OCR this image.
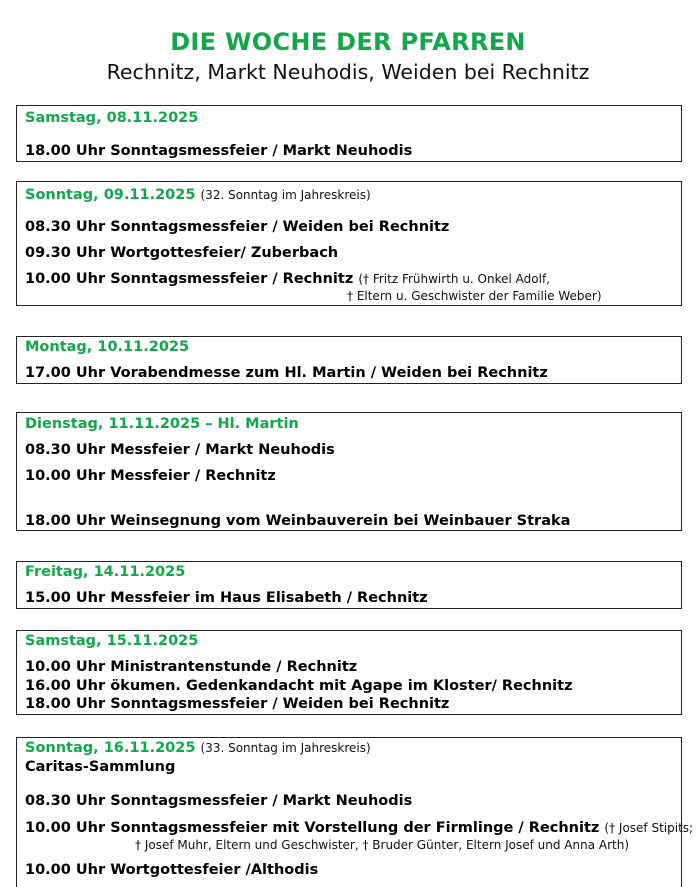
DIE WOCHE DER PFARREN
Rechnitz, Markt Neuhodis, Weiden bei Rechnitz
Samstag, 08.11.2025
18.00 Uhr Sonntagsmessfeier / Markt Neuhodis
Sonntag, 09.11.2025 (32. Sonntag im Jahreskreis)
08.30 Uhr Sonntagsmessfeier / Weiden bei Rechnitz
09.30 Uhr Wortgottesfeier/ Zuberbach
10.00 Uhr Sonntagsmessfeier / Rechnitz († Fritz Frühwirth u. Onkel Adolf,
† Eltern u. Geschwister der Familie Weber)
Montag, 10.11.2025
17.00 Uhr Vorabendmesse zum Hl. Martin / Weiden bei Rechnitz
Dienstag, 11.11.2025 – Hl. Martin
08.30 Uhr Messfeier / Markt Neuhodis
10.00 Uhr Messfeier / Rechnitz
18.00 Uhr Weinsegnung vom Weinbauverein bei Weinbauer Straka
Freitag, 14.11.2025
15.00 Uhr Messfeier im Haus Elisabeth / Rechnitz
Samstag, 15.11.2025
10.00 Uhr Ministrantenstunde / Rechnitz
16.00 Uhr ökumen. Gedenkandacht mit Agape im Kloster/ Rechnitz
18.00 Uhr Sonntagsmessfeier / Weiden bei Rechnitz
Sonntag, 16.11.2025 (33. Sonntag im Jahreskreis)
Caritas-Sammlung
08.30 Uhr Sonntagsmessfeier / Markt Neuhodis
10.00 Uhr Sonntagsmessfeier mit Vorstellung der Firmlinge / Rechnitz († Josef Stipits;
† Josef Muhr, Eltern und Geschwister, † Bruder Günter, Eltern Josef und Anna Arth)
10.00 Uhr Wortgottesfeier /Althodis
